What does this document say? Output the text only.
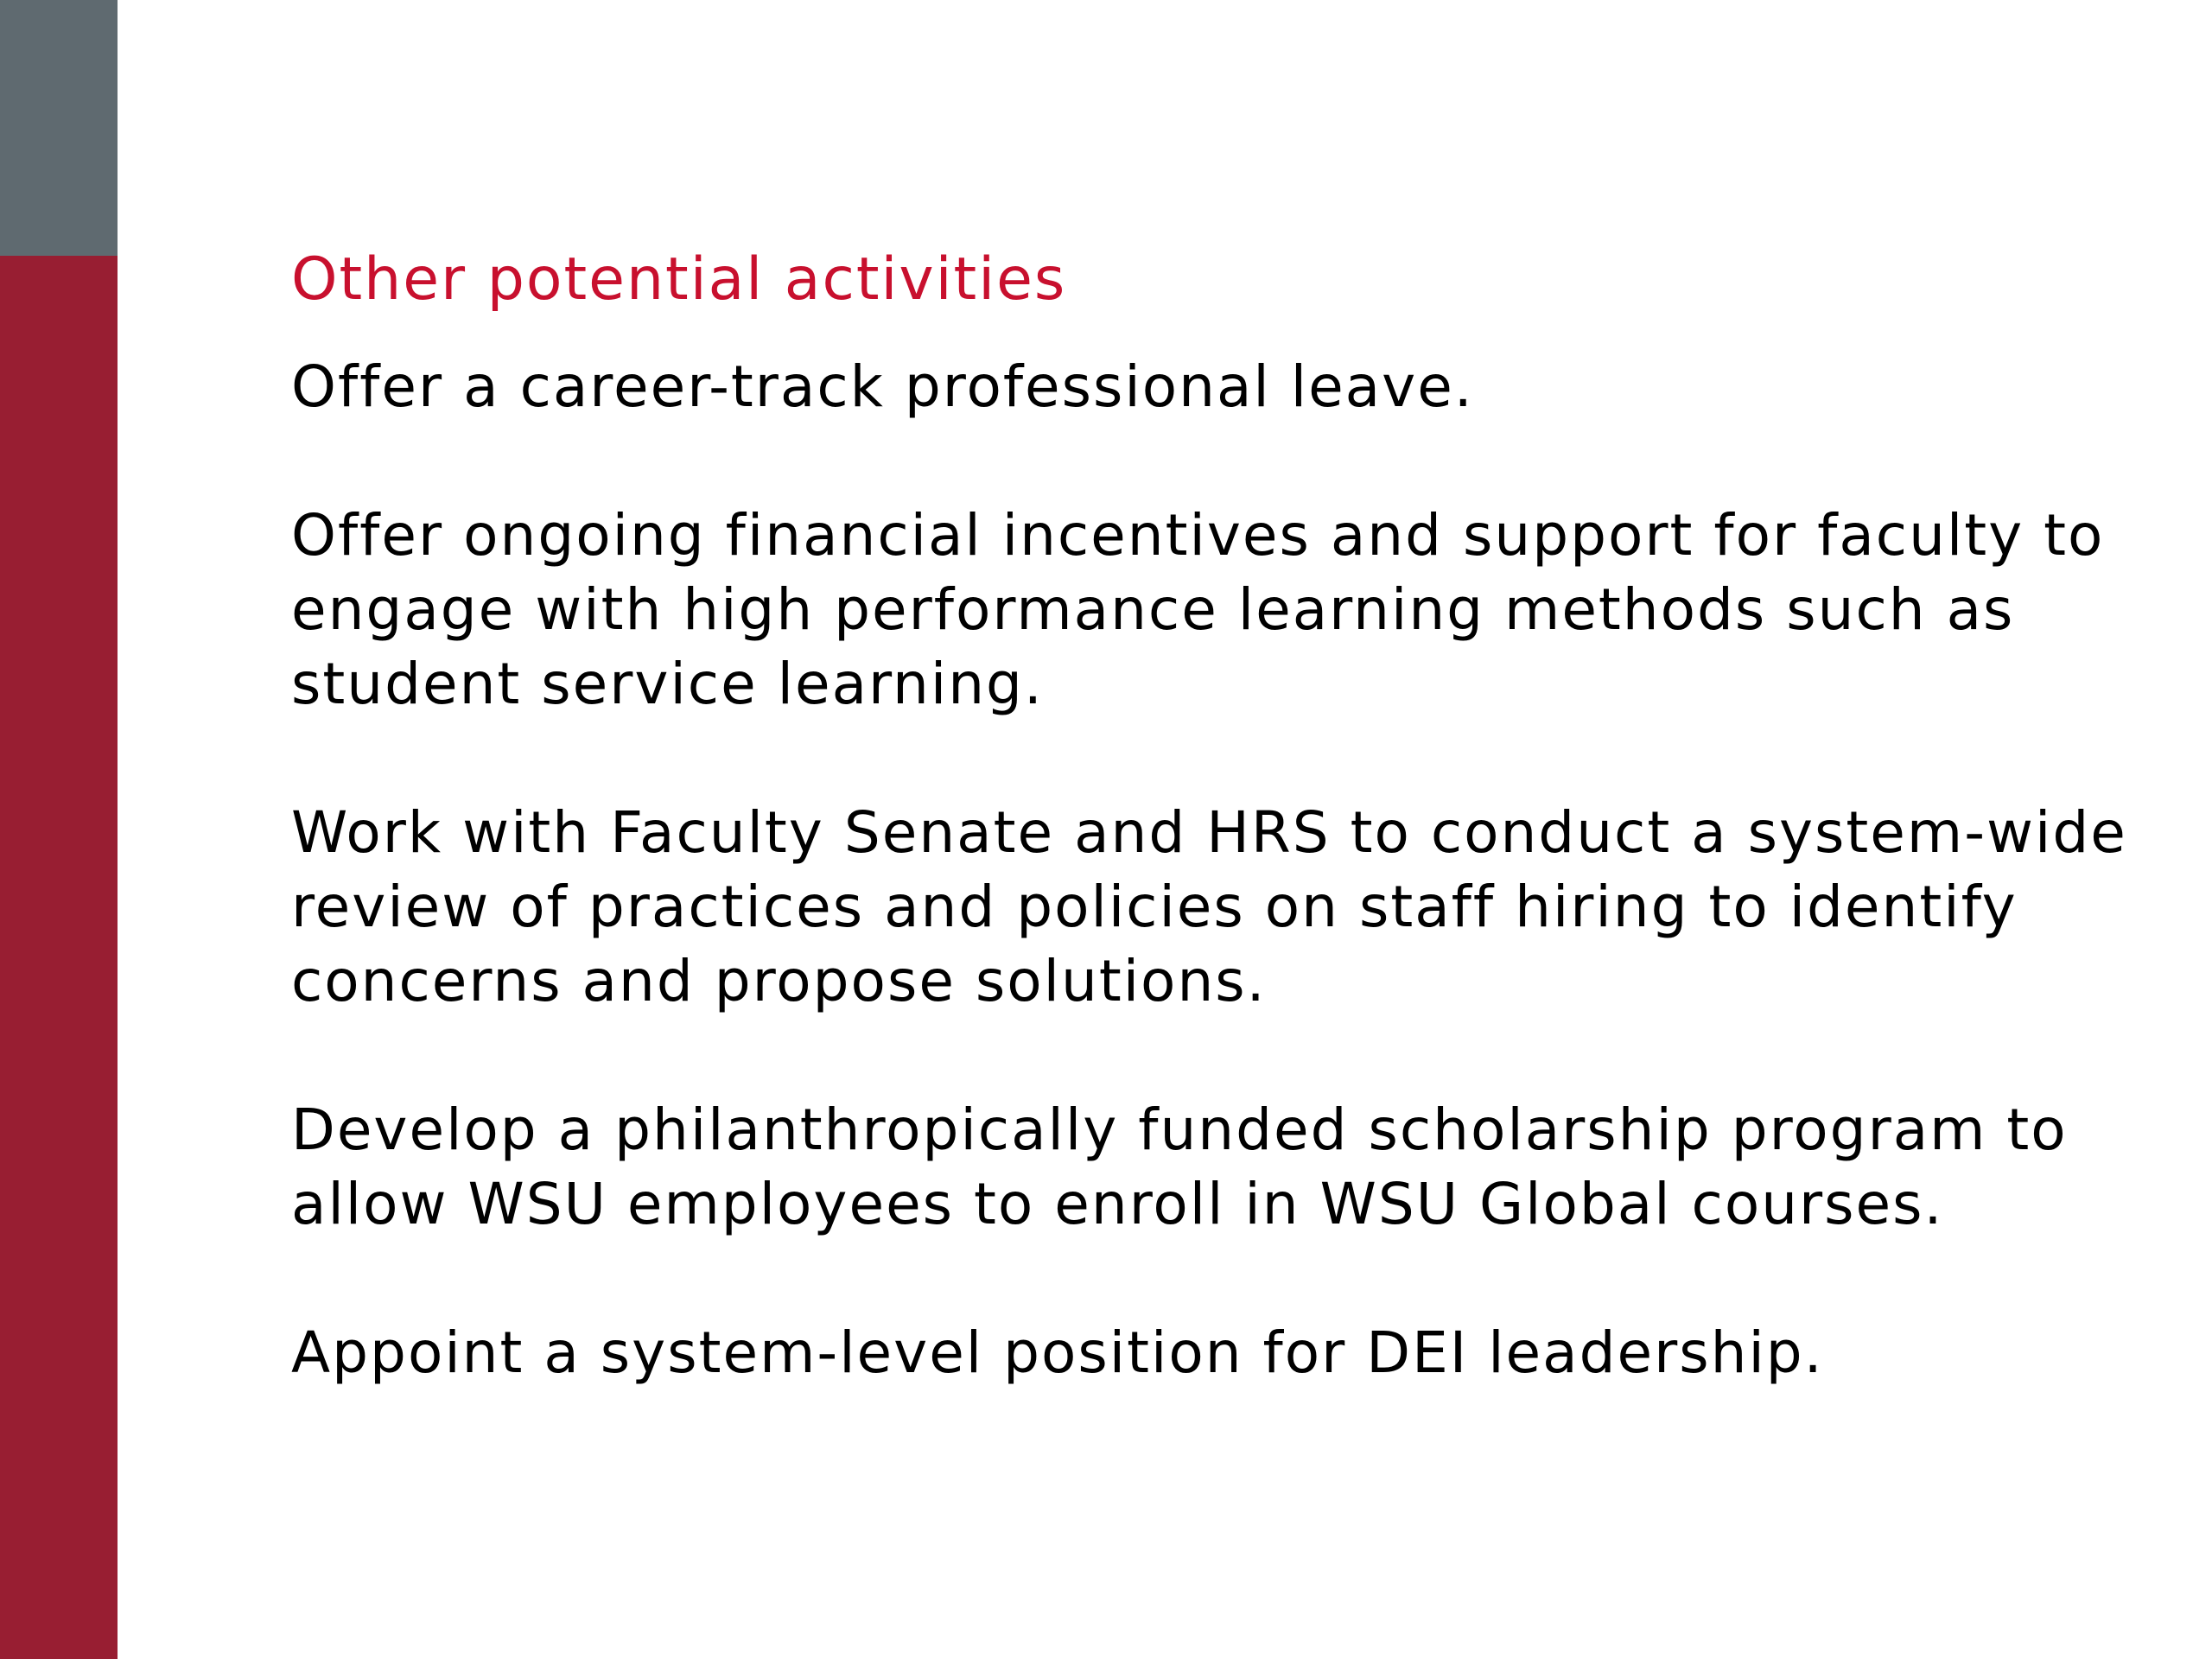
Other potential activities
Offer a career-track professional leave.
Offer ongoing financial incentives and support for faculty to
engage with high performance learning methods such as
student service learning.
Work with Faculty Senate and HRS to conduct a system-wide
review of practices and policies on staff hiring to identify
concerns and propose solutions.
Develop a philanthropically funded scholarship program to
allow WSU employees to enroll in WSU Global courses.
Appoint a system-level position for DEI leadership.
